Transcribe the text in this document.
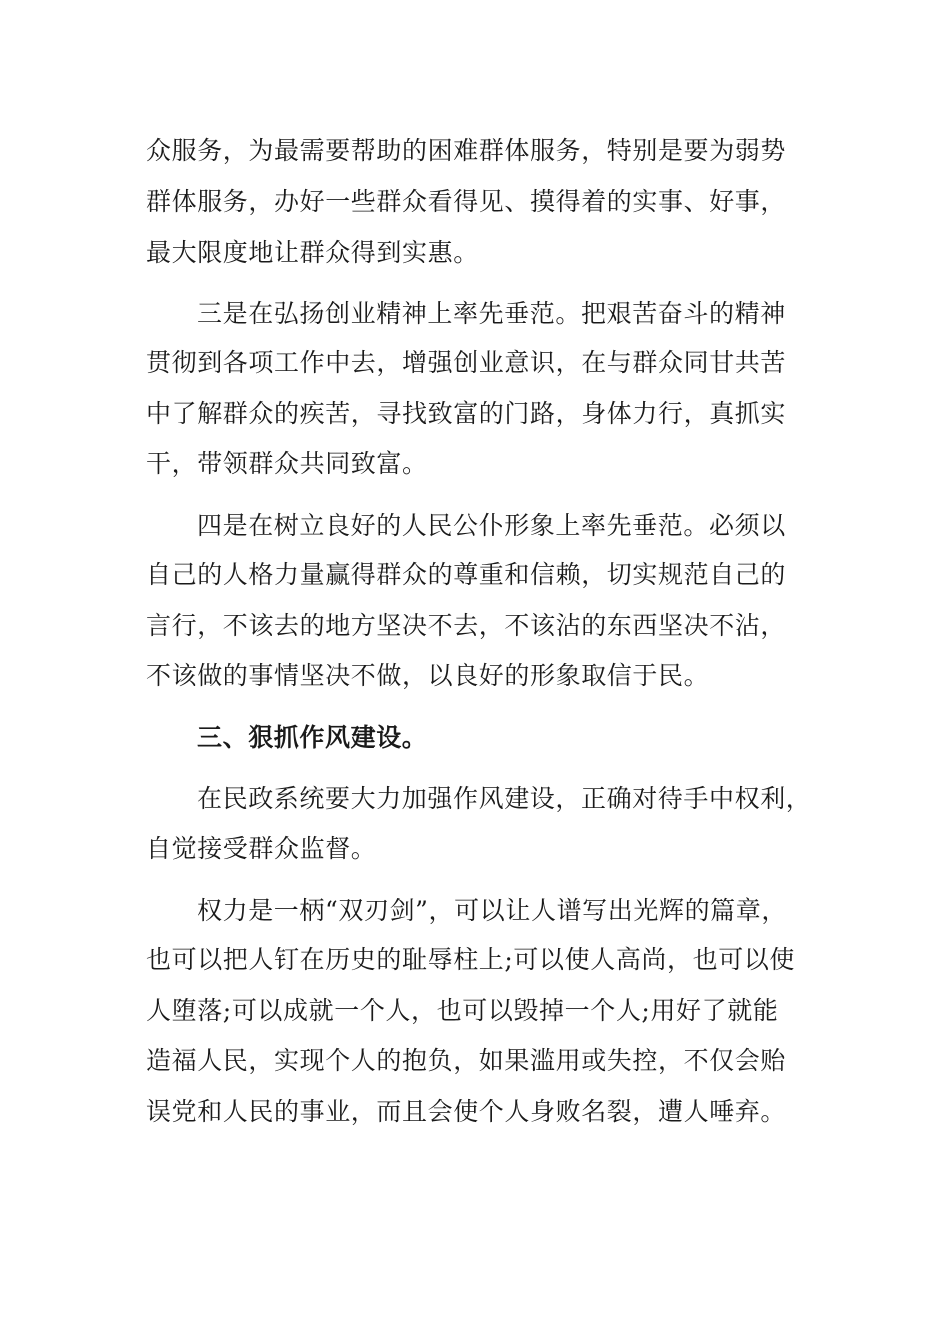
众服务，为最需要帮助的困难群体服务，特别是要为弱势
群体服务，办好一些群众看得见、摸得着的实事、好事，
最大限度地让群众得到实惠。
三是在弘扬创业精神上率先垂范。把艰苦奋斗的精神
贯彻到各项工作中去，增强创业意识，在与群众同甘共苦
中了解群众的疾苦，寻找致富的门路，身体力行，真抓实
干，带领群众共同致富。
四是在树立良好的人民公仆形象上率先垂范。必须以
自己的人格力量赢得群众的尊重和信赖，切实规范自己的
言行，不该去的地方坚决不去，不该沾的东西坚决不沾，
不该做的事情坚决不做，以良好的形象取信于民。
三、狠抓作风建设。
在民政系统要大力加强作风建设，正确对待手中权利，
自觉接受群众监督。
权力是一柄“双刃剑”，可以让人谱写出光辉的篇章，
也可以把人钉在历史的耻辱柱上;可以使人高尚，也可以使
人堕落;可以成就一个人，也可以毁掉一个人;用好了就能
造福人民，实现个人的抱负，如果滥用或失控，不仅会贻
误党和人民的事业，而且会使个人身败名裂，遭人唾弃。
